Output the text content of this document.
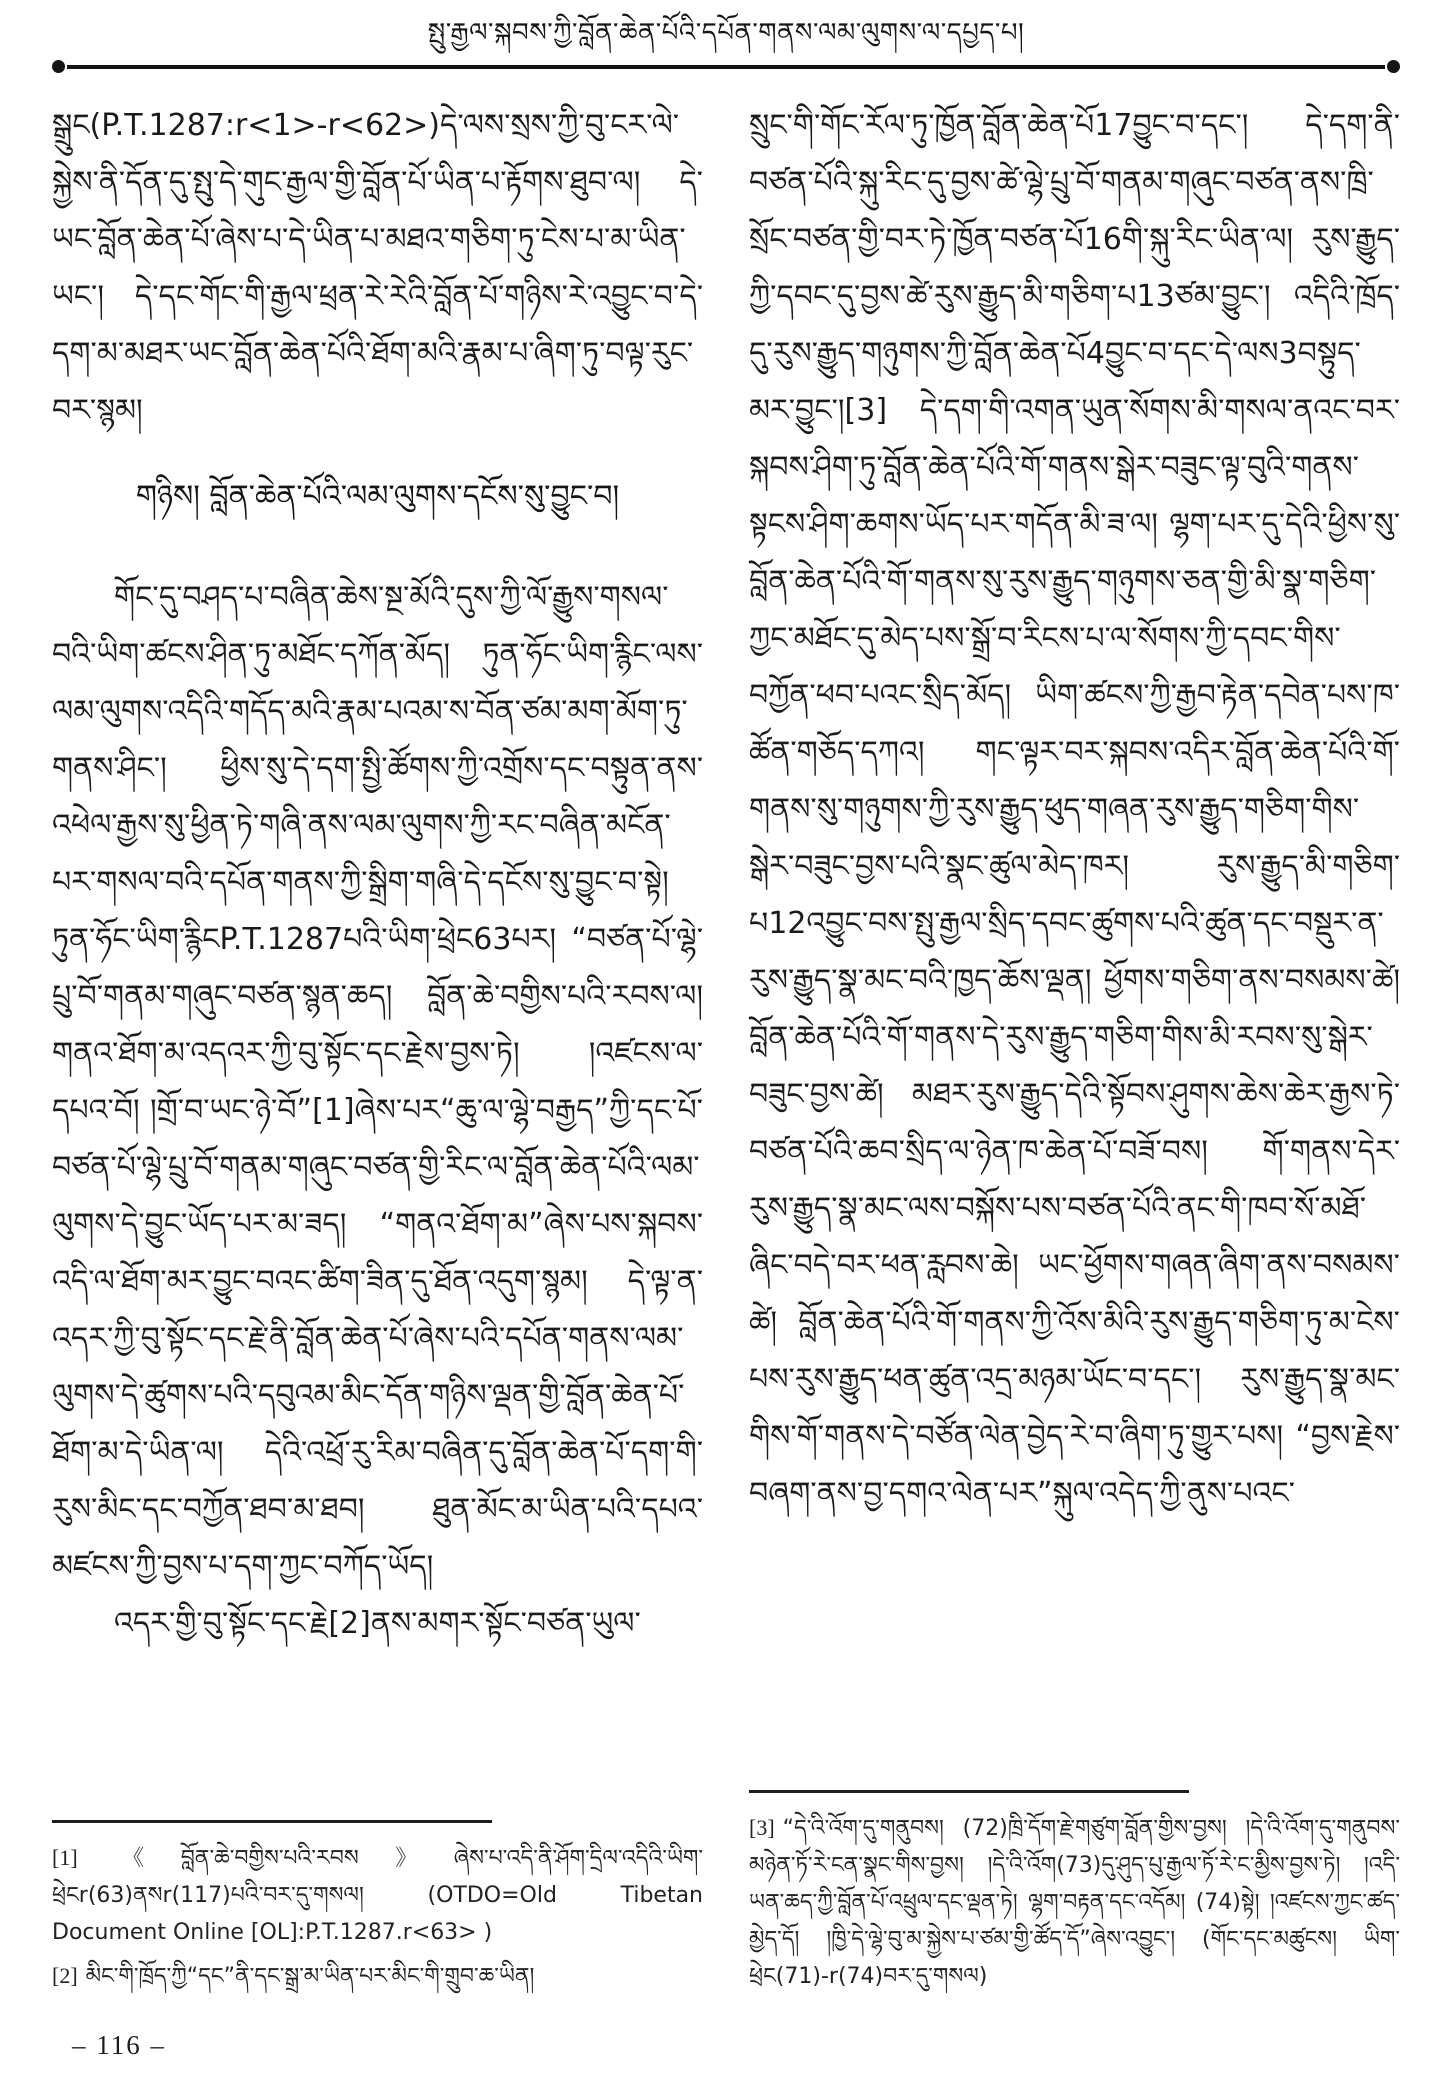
སྤུ་རྒྱལ་སྐབས་ཀྱི་བློན་ཆེན་པོའི་དཔོན་གནས་ལམ་ལུགས་ལ་དཔྱད་པ།

སྒྲུང(P.T.1287:r<1>-r<62>)དེ་ལས་སྲས་ཀྱི་བུ་ངར་ལེ་སྐྱེས་ནི་དོན་དུ་སྤུ་དེ་གུང་རྒྱལ་གྱི་བློན་པོ་ཡིན་པ་རྟོགས་ཐུབ་ལ། དེ་ཡང་བློན་ཆེན་པོ་ཞེས་པ་དེ་ཡིན་པ་མཐའ་གཅིག་ཏུ་ངེས་པ་མ་ཡིན་ཡང་། དེ་དང་གོང་གི་རྒྱལ་ཕྲན་རེ་རེའི་བློན་པོ་གཉིས་རེ་འབྱུང་བ་དེ་དག་མ་མཐར་ཡང་བློན་ཆེན་པོའི་ཐོག་མའི་རྣམ་པ་ཞིག་ཏུ་བལྟ་རུང་བར་སྙམ།

གཉིས། བློན་ཆེན་པོའི་ལམ་ལུགས་དངོས་སུ་བྱུང་བ།

གོང་དུ་བཤད་པ་བཞིན་ཆེས་སྔ་མོའི་དུས་ཀྱི་ལོ་རྒྱུས་གསལ་བའི་ཡིག་ཚངས་ཤིན་ཏུ་མཐོང་དཀོན་མོད། ཏུན་ཧོང་ཡིག་རྙིང་ལས་ལམ་ལུགས་འདིའི་གདོད་མའི་རྣམ་པའམ་ས་བོན་ཙམ་མག་མོག་ཏུ་གནས་ཤིང་། ཕྱིས་སུ་དེ་དག་སྤྱི་ཚོགས་ཀྱི་འགྲོས་དང་བསྟུན་ནས་འཕེལ་རྒྱས་སུ་ཕྱིན་ཏེ་གཞི་ནས་ལམ་ལུགས་ཀྱི་རང་བཞིན་མངོན་པར་གསལ་བའི་དཔོན་གནས་ཀྱི་སྒྲིག་གཞི་དེ་དངོས་སུ་བྱུང་བ་སྟེ། ཏུན་ཧོང་ཡིག་རྙིངP.T.1287པའི་ཡིག་ཕྲེང63པར། “བཙན་པོ་ལྷེ་པྲུ་བོ་གནམ་གཞུང་བཙན་སྙན་ཆད། བློན་ཆེ་བགྱིས་པའི་རབས་ལ། གནའ་ཐོག་མ་འདའར་ཀྱི་བུ་སྟོང་དང་རྗེས་བྱས་ཏེ། །འཛངས་ལ་དཔའ་བོ། །གྲོ་བ་ཡང་ཉེ་བོ”[1]ཞེས་པར“ཆུ་ལ་ལྷེ་བརྒྱད”ཀྱི་དང་པོ་བཙན་པོ་ལྷེ་པྲུ་བོ་གནམ་གཞུང་བཙན་གྱི་རིང་ལ་བློན་ཆེན་པོའི་ལམ་ལུགས་དེ་བྱུང་ཡོད་པར་མ་ཟད། “གནའ་ཐོག་མ”ཞེས་པས་སྐབས་འདི་ལ་ཐོག་མར་བྱུང་བའང་ཚིག་ཟིན་དུ་ཐོན་འདུག་སྙམ། དེ་ལྟ་ན་འདར་ཀྱི་བུ་སྟོང་དང་རྗེ་ནི་བློན་ཆེན་པོ་ཞེས་པའི་དཔོན་གནས་ལམ་ལུགས་དེ་ཚུགས་པའི་དབུའམ་མིང་དོན་གཉིས་ལྡན་གྱི་བློན་ཆེན་པོ་ཐོག་མ་དེ་ཡིན་ལ། དེའི་འཕྲོ་རུ་རིམ་བཞིན་དུ་བློན་ཆེན་པོ་དག་གི་རུས་མིང་དང་བཀྱོན་ཐབ་མ་ཐབ། ཐུན་མོང་མ་ཡིན་པའི་དཔའ་མཛངས་ཀྱི་བྱས་པ་དག་ཀྱང་བཀོད་ཡོད།

འདར་གྱི་བུ་སྟོང་དང་རྗེ[2]ནས་མགར་སྟོང་བཙན་ཡུལ་

[1] 《བློན་ཆེ་བགྱིས་པའི་རབས》ཞེས་པ་འདི་ནི་ཤོག་དྲིལ་འདིའི་ཡིག་ཕྲེངr(63)ནསr(117)པའི་བར་དུ་གསལ། (OTDO=Old Tibetan Document Online [OL]:P.T.1287.r<63> )

[2] མིང་གི་ཁྲོད་ཀྱི“དང”ནི་དང་སྒྲ་མ་ཡིན་པར་མིང་གི་གྲུབ་ཆ་ཡིན།

སྲུང་གི་གོང་རོལ་ཏུ་ཁྱོན་བློན་ཆེན་པོ17བྱུང་བ་དང་། དེ་དག་ནི་བཙན་པོའི་སྐུ་རིང་དུ་བྱས་ཚེ་ལྷེ་པྲུ་བོ་གནམ་གཞུང་བཙན་ནས་ཁྲི་སྲོང་བཙན་གྱི་བར་ཏེ་ཁྱོན་བཙན་པོ16གི་སྐུ་རིང་ཡིན་ལ། རུས་རྒྱུད་ཀྱི་དབང་དུ་བྱས་ཚེ་རུས་རྒྱུད་མི་གཅིག་པ13ཙམ་བྱུང་། འདིའི་ཁྲོད་དུ་རུས་རྒྱུད་གཉུགས་ཀྱི་བློན་ཆེན་པོ4བྱུང་བ་དང་དེ་ལས3བསྟུད་མར་བྱུང་།[3] དེ་དག་གི་འགན་ཡུན་སོགས་མི་གསལ་ནའང་བར་སྐབས་ཤིག་ཏུ་བློན་ཆེན་པོའི་གོ་གནས་སྒེར་བཟུང་ལྟ་བུའི་གནས་སྟངས་ཤིག་ཆགས་ཡོད་པར་གདོན་མི་ཟ་ལ། ལྷག་པར་དུ་དེའི་ཕྱིས་སུ་བློན་ཆེན་པོའི་གོ་གནས་སུ་རུས་རྒྱུད་གཉུགས་ཅན་གྱི་མི་སྣ་གཅིག་ཀྱང་མཐོང་དུ་མེད་པས་སྒྲོ་བ་རིངས་པ་ལ་སོགས་ཀྱི་དབང་གིས་བཀྱོན་ཕབ་པའང་སྲིད་མོད། ཡིག་ཚངས་ཀྱི་རྒྱབ་རྟེན་དབེན་པས་ཁ་ཚོན་གཅོད་དཀའ། གང་ལྟར་བར་སྐབས་འདིར་བློན་ཆེན་པོའི་གོ་གནས་སུ་གཉུགས་ཀྱི་རུས་རྒྱུད་ཕུད་གཞན་རུས་རྒྱུད་གཅིག་གིས་སྒེར་བཟུང་བྱས་པའི་སྣང་ཚུལ་མེད་ཁར། རུས་རྒྱུད་མི་གཅིག་པ12འབྱུང་བས་སྤུ་རྒྱལ་སྲིད་དབང་ཚུགས་པའི་ཚུན་དང་བསྡུར་ན་རུས་རྒྱུད་སྣ་མང་བའི་ཁྱད་ཆོས་ལྡན། ཕྱོགས་གཅིག་ནས་བསམས་ཚེ། བློན་ཆེན་པོའི་གོ་གནས་དེ་རུས་རྒྱུད་གཅིག་གིས་མི་རབས་སུ་སྒེར་བཟུང་བྱས་ཚེ། མཐར་རུས་རྒྱུད་དེའི་སྟོབས་ཤུགས་ཆེས་ཆེར་རྒྱས་ཏེ་བཙན་པོའི་ཆབ་སྲིད་ལ་ཉེན་ཁ་ཆེན་པོ་བཟོ་བས། གོ་གནས་དེར་རུས་རྒྱུད་སྣ་མང་ལས་བསྐོས་པས་བཙན་པོའི་ནང་གི་ཁབ་སོ་མཐོ་ཞིང་བདེ་བར་ཕན་རླབས་ཆེ། ཡང་ཕྱོགས་གཞན་ཞིག་ནས་བསམས་ཚེ། བློན་ཆེན་པོའི་གོ་གནས་ཀྱི་འོས་མིའི་རུས་རྒྱུད་གཅིག་ཏུ་མ་ངེས་པས་རུས་རྒྱུད་ཕན་ཚུན་འདྲ་མཉམ་ཡོང་བ་དང་། རུས་རྒྱུད་སྣ་མང་གིས་གོ་གནས་དེ་བཙོན་ལེན་བྱེད་རེ་བ་ཞིག་ཏུ་གྱུར་པས། “བྱས་རྗེས་བཞག་ནས་བྱ་དགའ་ལེན་པར”སྐུལ་འདེད་ཀྱི་ནུས་པའང་

[3] “དེ་འི་འོག་དུ་གནུབས། (72)ཁྲི་དོག་རྗེ་གཙུག་བློན་གྱིས་བྱས། །དེ་འི་འོག་དུ་གནུབས་མཉེན་ཏོ་རེ་ངན་སྣང་གིས་བྱས། །དེ་འི་འོག(73)དུ་ཤུད་པུ་རྒྱལ་ཏོ་རེ་ང་མྱིས་བྱས་ཏེ། །འདི་ཡན་ཆད་ཀྱི་བློན་པོ་འཕྲུལ་དང་ལྡན་ཏེ། ལྷག་བརྟན་དང་འདོམ། (74)སྟེ། །འཛངས་ཀྱང་ཚད་མྱེད་དོ། །ཁྱི་དེ་ལྷེ་བུ་མ་སྐྱེས་པ་ཙམ་གྱི་ཚོད་དོ”ཞེས་འབྱུང་། (གོང་དང་མཚུངས། ཡིག་ཕྲེང(71)-r(74)བར་དུ་གསལ)

– 116 –
